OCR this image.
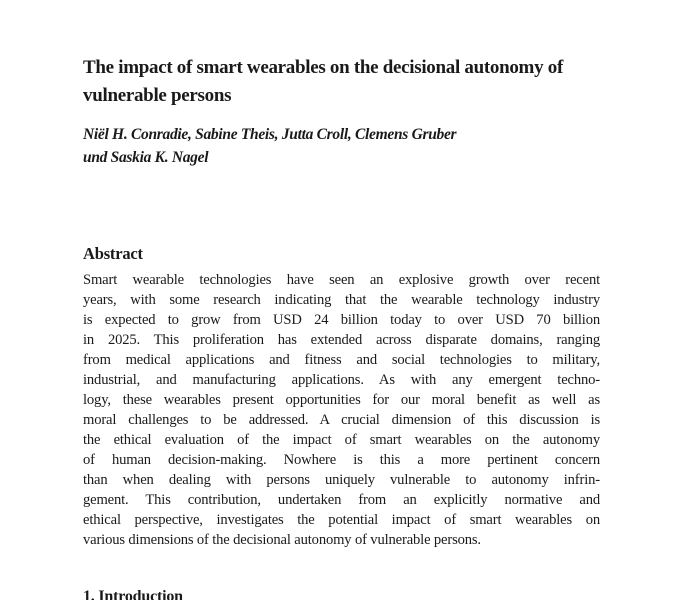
The impact of smart wearables on the decisional autonomy of
vulnerable persons
Niël H. Conradie, Sabine Theis, Jutta Croll, Clemens Gruber
und Saskia K. Nagel
Abstract
Smart wearable technologies have seen an explosive growth over recent
years, with some research indicating that the wearable technology industry
is expected to grow from USD 24 billion today to over USD 70 billion
in 2025. This proliferation has extended across disparate domains, ranging
from medical applications and fitness and social technologies to military,
industrial, and manufacturing applications. As with any emergent techno-
logy, these wearables present opportunities for our moral benefit as well as
moral challenges to be addressed. A crucial dimension of this discussion is
the ethical evaluation of the impact of smart wearables on the autonomy
of human decision-making. Nowhere is this a more pertinent concern
than when dealing with persons uniquely vulnerable to autonomy infrin-
gement. This contribution, undertaken from an explicitly normative and
ethical perspective, investigates the potential impact of smart wearables on
various dimensions of the decisional autonomy of vulnerable persons.
1. Introduction
